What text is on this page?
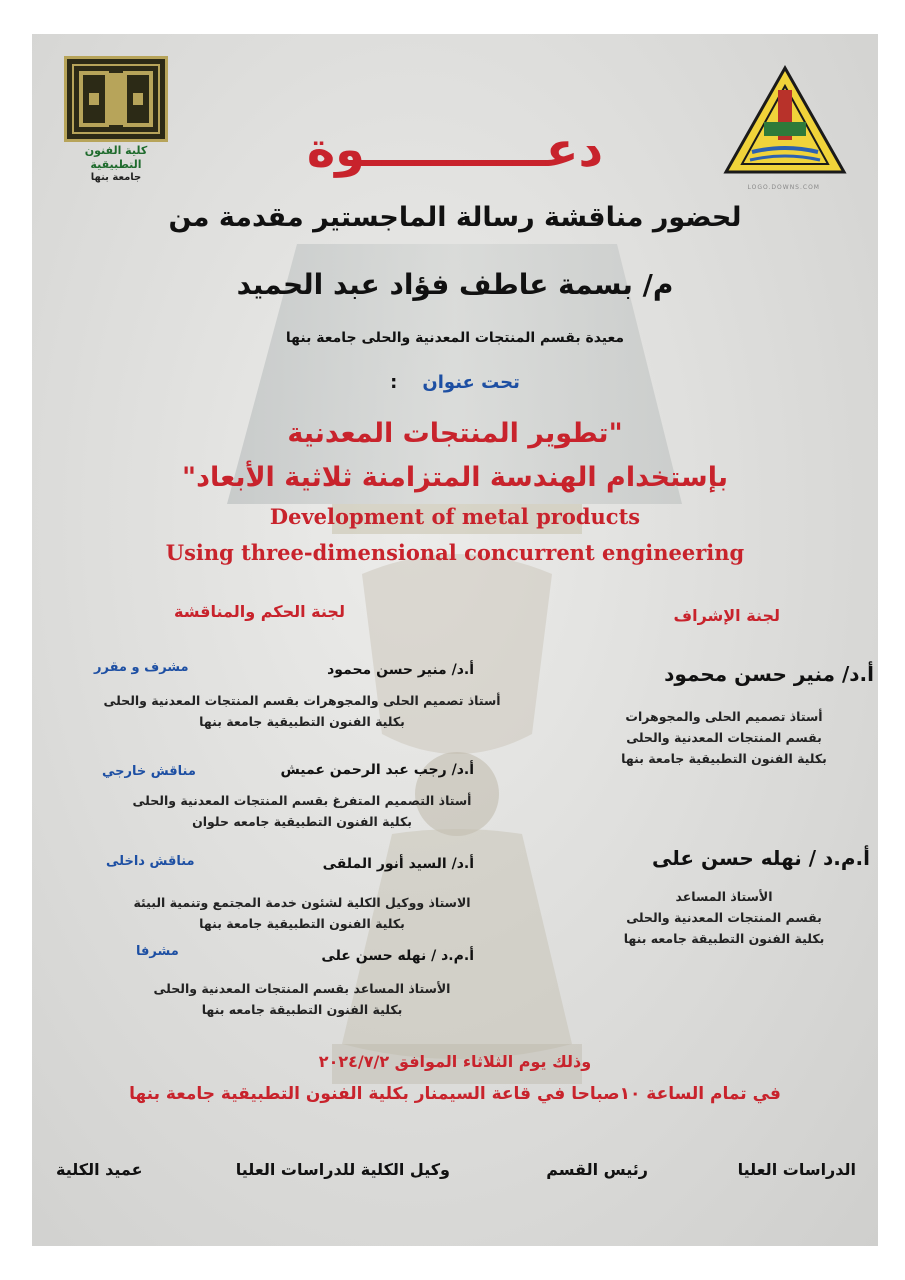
كلية الفنون التطبيقية
جامعة بنها
LOGO.DOWNS.COM
دعـــــــــــوة
لحضور مناقشة رسالة الماجستير مقدمة من
م/ بسمة عاطف فؤاد عبد الحميد
معيدة بقسم المنتجات المعدنية والحلى جامعة بنها
تحت عنوان    :
"تطوير المنتجات المعدنية
بإستخدام الهندسة المتزامنة ثلاثية الأبعاد"
Development of metal products
Using three-dimensional concurrent engineering
لجنة الإشراف
أ.د/ منير حسن محمود
أستاذ تصميم الحلى والمجوهرات
بقسم المنتجات المعدنية والحلى
بكلية الفنون التطبيقية جامعة بنها
أ.م.د / نهله حسن على
الأستاذ المساعد
بقسم المنتجات المعدنية والحلى
بكلية الفنون التطبيقة جامعه بنها
لجنة الحكم والمناقشة
أ.د/ منير حسن محمود
مشرف و مقرر
أستاذ تصميم الحلى والمجوهرات بقسم المنتجات المعدنية والحلى
بكلية الفنون التطبيقية جامعة بنها
أ.د/ رجب عبد الرحمن عميش
مناقش خارجي
أستاذ التصميم المتفرغ بقسم المنتجات المعدنية والحلى
بكلية الفنون التطبيقية جامعه حلوان
أ.د/ السيد أنور الملقى
مناقش داخلى
الاستاذ ووكيل الكلية لشئون خدمة المجتمع وتنمية البيئة
بكلية الفنون التطبيقية جامعة بنها
أ.م.د / نهله حسن على
مشرفا
الأستاذ المساعد بقسم المنتجات المعدنية والحلى
بكلية الفنون التطبيقة جامعه بنها
وذلك يوم الثلاثاء الموافق ٢٠٢٤/٧/٢
في تمام الساعة ١٠صباحا في قاعة السيمنار بكلية الفنون التطبيقية جامعة بنها
الدراسات العليا
رئيس القسم
وكيل الكلية للدراسات العليا
عميد الكلية
